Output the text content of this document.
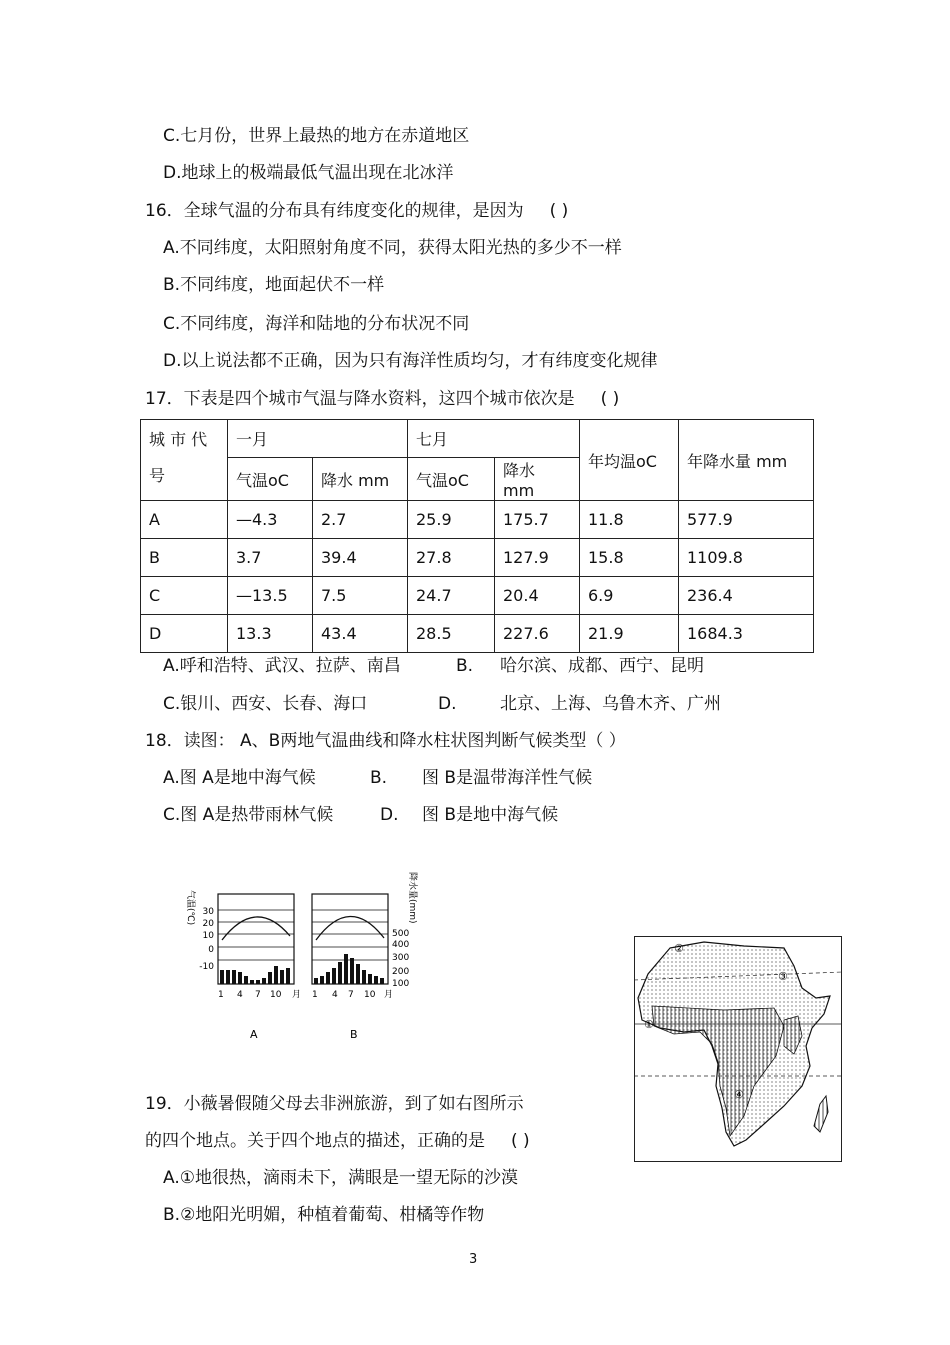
C.七月份，世界上最热的地方在赤道地区
D.地球上的极端最低气温出现在北冰洋
16．全球气温的分布具有纬度变化的规律，是因为 ( )
A.不同纬度，太阳照射角度不同，获得太阳光热的多少不一样
B.不同纬度，地面起伏不一样
C.不同纬度，海洋和陆地的分布状况不同
D.以上说法都不正确，因为只有海洋性质均匀，才有纬度变化规律
17．下表是四个城市气温与降水资料，这四个城市依次是 ( )
城 市 代
号	一月		七月		年均温oC	年降水量 mm
	气温oC	降水 mm	气温oC	降水 mm		
A	—4.3	2.7	25.9	175.7	11.8	577.9
B	3.7	39.4	27.8	127.9	15.8	1109.8
C	—13.5	7.5	24.7	20.4	6.9	236.4
D	13.3	43.4	28.5	227.6	21.9	1684.3
A.呼和浩特、武汉、拉萨、南昌	B. 哈尔滨、成都、西宁、昆明
C.银川、西安、长春、海口	D.	北京、上海、乌鲁木齐、广州
18．读图： A、B两地气温曲线和降水柱状图判断气候类型（ ）
A.图 A是地中海气候	B. 图 B是温带海洋性气候
C.图 A是热带雨林气候	D. 图 B是地中海气候
气温(℃) 30
20
10
0
-10
降水量(mm)
500
400
300
200
100
1 4 7 10 月 1 4 7 10 月
A	B
②
③
①
④
19．小薇暑假随父母去非洲旅游，到了如右图所示
的四个地点。关于四个地点的描述，正确的是 ( )
A.①地很热，滴雨未下，满眼是一望无际的沙漠
B.②地阳光明媚，种植着葡萄、柑橘等作物
3
